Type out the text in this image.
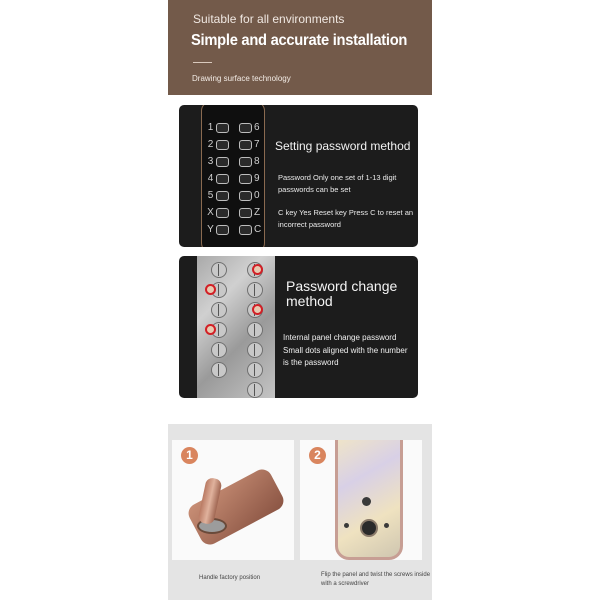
Suitable for all environments
Simple and accurate installation
Drawing surface technology
1	6
2	7
3	8
4	9
5	0
X	Z
Y	C
Setting password method
Password Only one set of 1-13 digit passwords can be set
C key Yes Reset key Press C to reset an incorrect password
Password change method
Internal panel change password Small dots aligned with the number is the password
1	2
Handle factory position	Flip the panel and twist the screws inside with a screwdriver
